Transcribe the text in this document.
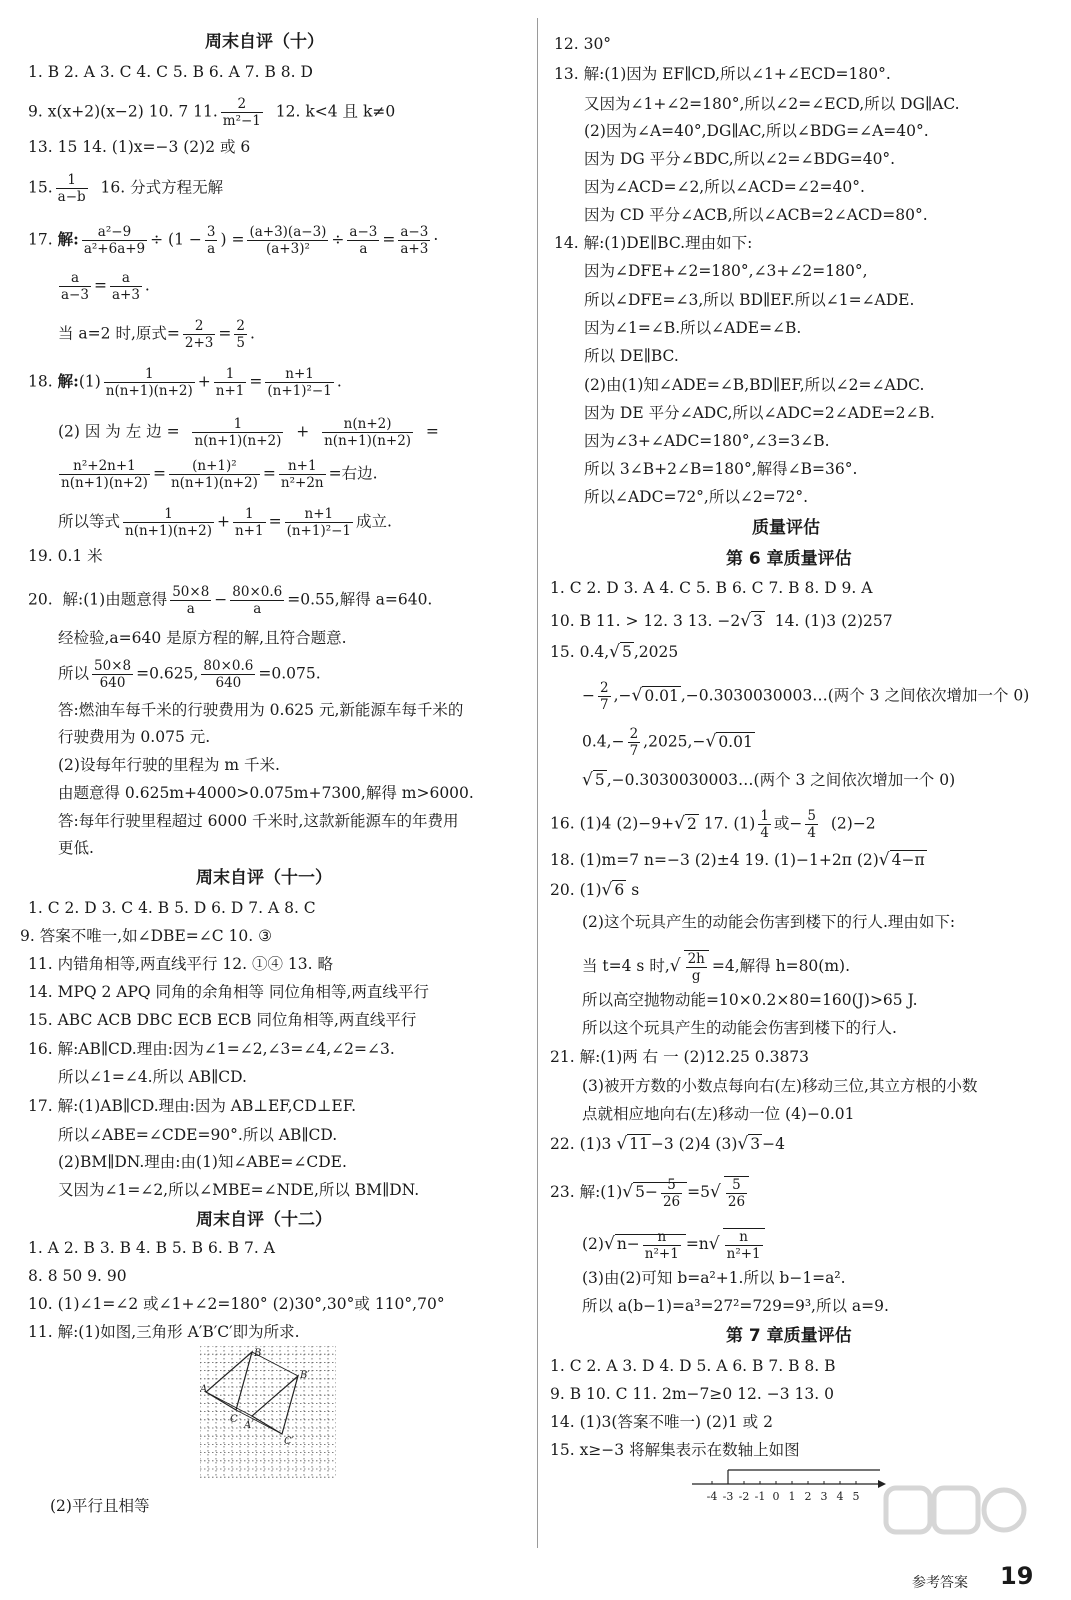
周末自评（十）
1. B 2. A 3. C 4. C 5. B 6. A 7. B 8. D
9. x(x+2)(x−2) 10. 7 11. $\frac{2}{\text{m²−1}} 12$. k<4 且 k≠0
13. 15 14. (1)x=−3 (2)2 或 6
15. $\frac{1}{a-b} 16$. 分式方程无解
17. 解: $\frac{\text{a²−9}}{\text{a²+6a+9}} \div (1 - \frac{3}{a}$ ) = $\frac{(a+3)(a-3)}{\text{(a+3)²}} \div \frac{a-3}{a} = \frac{a-3}{a+3}$ ·
$\frac{a}{a-3} = \frac{a}{a+3}$ .
当 a=2 时,原式= $\frac{2}{2+3} = \frac{2}{5}$ .
18. 解:(1) $\frac{1}{n(n+1)(n+2)} + \frac{1}{n+1} = \frac{n+1}{\text{(n+1)²−1}}$ .
(2) 因 为 左 边 = $\frac{1}{n(n+1)(n+2)} + \frac{n(n+2)}{n(n+1)(n+2)}$ =
$\frac{\text{n²+2n+1}}{n(n+1)(n+2)} = \frac{\text{(n+1)²}}{n(n+1)(n+2)} = \frac{n+1}{\text{n²+2n}}$ =右边.
所以等式 $\frac{1}{n(n+1)(n+2)} + \frac{1}{n+1} = \frac{n+1}{\text{(n+1)²−1}}$ 成立.
19. 0.1 米
20. 解:(1)由题意得 $\frac{50\times 8}{a} - \frac{80\times 0.6}{a} =0.55$,解得 a=640.
经检验,a=640 是原方程的解,且符合题意.
所以 $\frac{50\times 8}{640} =0.625$, $\frac{80\times 0.6}{640} =0.075$.
答:燃油车每千米的行驶费用为 0.625 元,新能源车每千米的
行驶费用为 0.075 元.
(2)设每年行驶的里程为 m 千米.
由题意得 0.625m+4000>0.075m+7300,解得 m>6000.
答:每年行驶里程超过 6000 千米时,这款新能源车的年费用
更低.
周末自评（十一）
1. C 2. D 3. C 4. B 5. D 6. D 7. A 8. C
9. 答案不唯一,如∠DBE=∠C 10. ③
11. 内错角相等,两直线平行 12. ①④ 13. 略
14. MPQ 2 APQ 同角的余角相等 同位角相等,两直线平行
15. ABC ACB DBC ECB ECB 同位角相等,两直线平行
16. 解:AB∥CD.理由:因为∠1=∠2,∠3=∠4,∠2=∠3.
所以∠1=∠4.所以 AB∥CD.
17. 解:(1)AB∥CD.理由:因为 AB⊥EF,CD⊥EF.
所以∠ABE=∠CDE=90°.所以 AB∥CD.
(2)BM∥DN.理由:由(1)知∠ABE=∠CDE.
又因为∠1=∠2,所以∠MBE=∠NDE,所以 BM∥DN.
周末自评（十二）
1. A 2. B 3. B 4. B 5. B 6. B 7. A
8. 8 50 9. 90
10. (1)∠1=∠2 或∠1+∠2=180° (2)30°,30°或 110°,70°
11. 解:(1)如图,三角形 A′B′C′即为所求.
B
A
C
B′
A′
C′
(2)平行且相等
12. 30°
13. 解:(1)因为 EF∥CD,所以∠1+∠ECD=180°.
又因为∠1+∠2=180°,所以∠2=∠ECD,所以 DG∥AC.
(2)因为∠A=40°,DG∥AC,所以∠BDG=∠A=40°.
因为 DG 平分∠BDC,所以∠2=∠BDG=40°.
因为∠ACD=∠2,所以∠ACD=∠2=40°.
因为 CD 平分∠ACB,所以∠ACB=2∠ACD=80°.
14. 解:(1)DE∥BC.理由如下:
因为∠DFE+∠2=180°,∠3+∠2=180°,
所以∠DFE=∠3,所以 BD∥EF.所以∠1=∠ADE.
因为∠1=∠B.所以∠ADE=∠B.
所以 DE∥BC.
(2)由(1)知∠ADE=∠B,BD∥EF,所以∠2=∠ADC.
因为 DE 平分∠ADC,所以∠ADC=2∠ADE=2∠B.
因为∠3+∠ADC=180°,∠3=3∠B.
所以 3∠B+2∠B=180°,解得∠B=36°.
所以∠ADC=72°,所以∠2=72°.
质量评估
第 6 章质量评估
1. C 2. D 3. A 4. C 5. B 6. C 7. B 8. D 9. A
10. B 11. > 12. 3 13. −2√ 3 14. (1)3 (2)257
15. 0.4,√ 5 ,2025
− $\frac{2}{7}$ ,−√ 0.01 ,−0.3030030003…(两个 3 之间依次增加一个 0)
$0.4,- \frac{2}{7} ,2025,-√$ 0.01
√ 5 ,−0.3030030003…(两个 3 之间依次增加一个 0)
16. (1)4 (2)−9+√ 2 17. $(1) \frac{1}{4}$ 或− $\frac{5}{4} (2)-2$
18. (1)m=7 n=−3 (2)±4 19. (1)−1+2π (2)√ 4−π
20. (1)√ 6 s
(2)这个玩具产生的动能会伤害到楼下的行人.理由如下:
当 t=4 s 时,√ $\frac{2h}{g} =4$,解得 h=80(m).
所以高空抛物动能=10×0.2×80=160(J)>65 J.
所以这个玩具产生的动能会伤害到楼下的行人.
21. 解:(1)两 右 一 (2)12.25 0.3873
(3)被开方数的小数点每向右(左)移动三位,其立方根的小数
点就相应地向右(左)移动一位 (4)−0.01
22. (1)3 √ 11 −3 (2)4 (3)√ 3 −4
23. 解:(1)√ $5- \frac{5}{26} =5√ \frac{5}{26}$
(2)√ $n- \frac{n}{\text{n²+1}} =n√ \frac{n}{\text{n²+1}}$
(3)由(2)可知 b=a²+1.所以 b−1=a².
所以 a(b−1)=a³=27²=729=9³,所以 a=9.
第 7 章质量评估
1. C 2. A 3. D 4. D 5. A 6. B 7. B 8. B
9. B 10. C 11. 2m−7≥0 12. −3 13. 0
14. (1)3(答案不唯一) (2)1 或 2
15. x≥−3 将解集表示在数轴上如图
-4 -3 -2 -1 0 1 2 3 4 5
参考答案 19
